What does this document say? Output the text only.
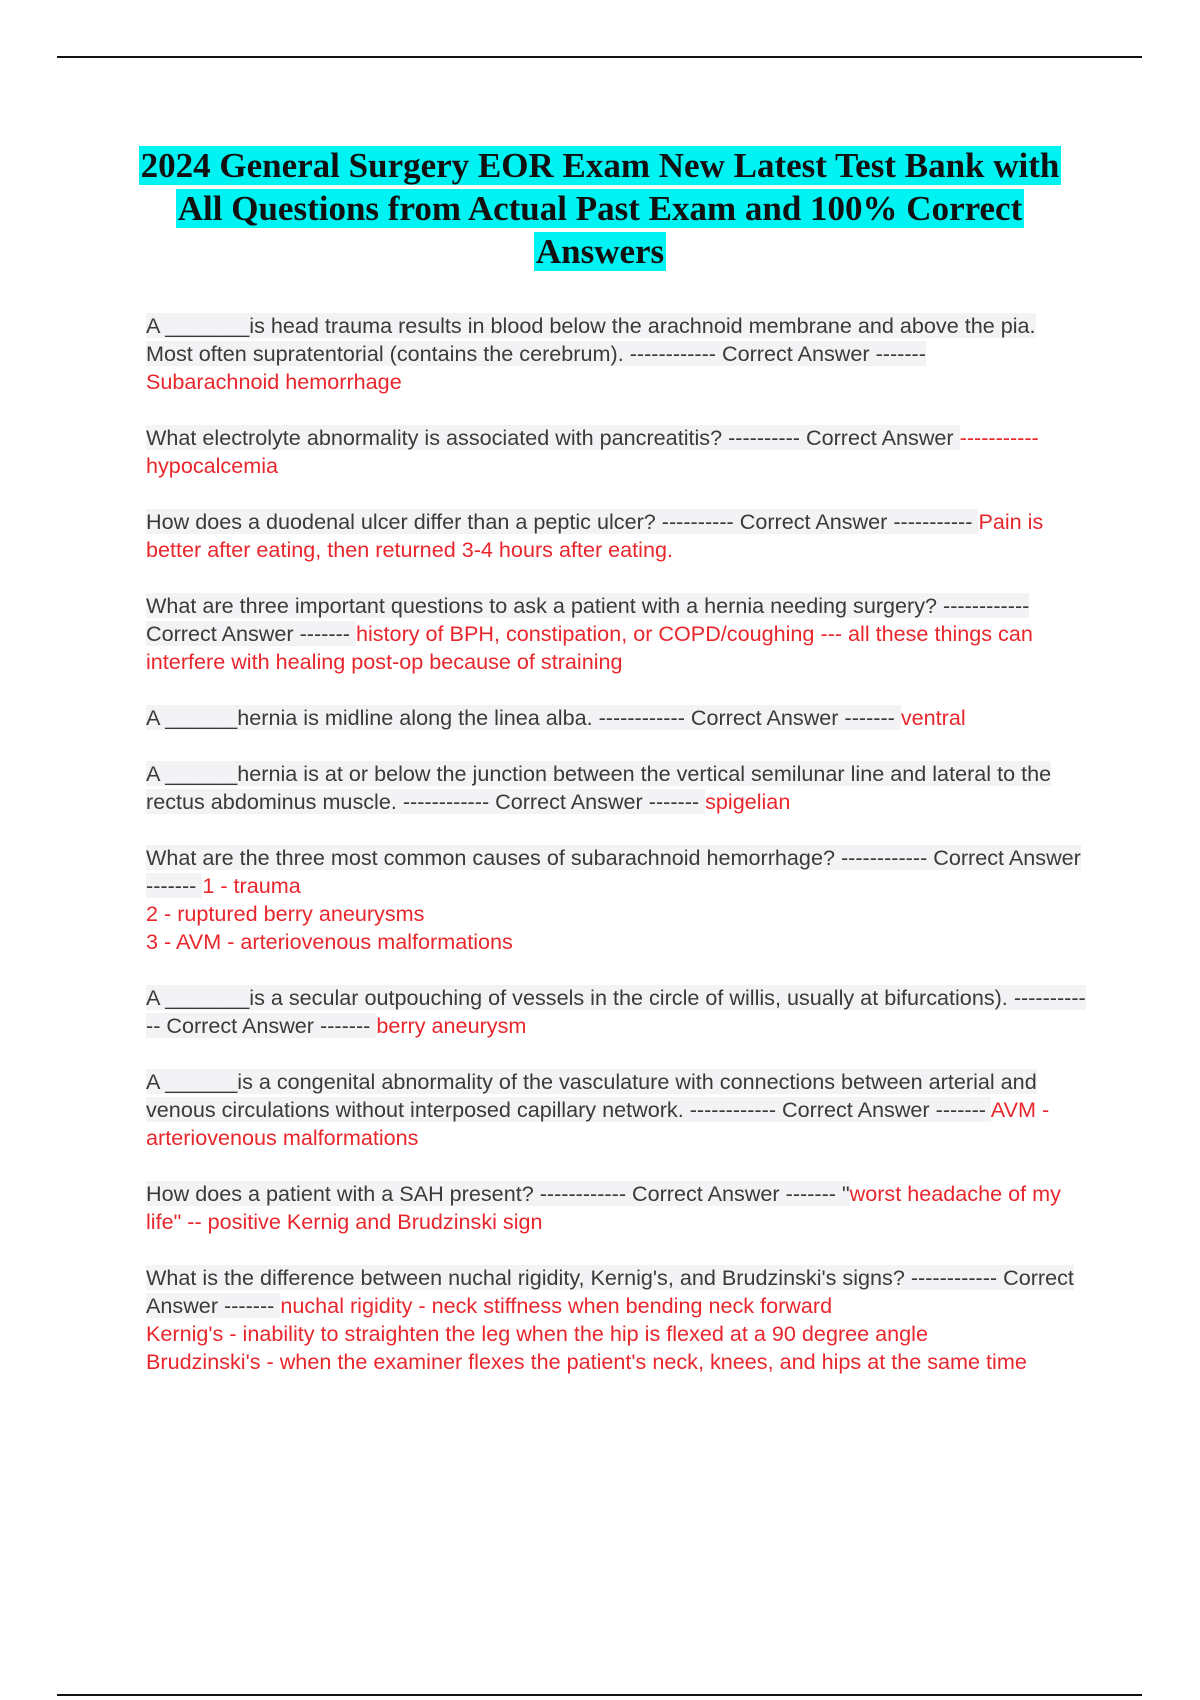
2024 General Surgery EOR Exam New Latest Test Bank with All Questions from Actual Past Exam and 100% Correct Answers

A _______is head trauma results in blood below the arachnoid membrane and above the pia. Most often supratentorial (contains the cerebrum). ------------ Correct Answer -------
Subarachnoid hemorrhage

What electrolyte abnormality is associated with pancreatitis? ---------- Correct Answer ----------- hypocalcemia

How does a duodenal ulcer differ than a peptic ulcer? ---------- Correct Answer ----------- Pain is better after eating, then returned 3-4 hours after eating.

What are three important questions to ask a patient with a hernia needing surgery? ------------ Correct Answer ------- history of BPH, constipation, or COPD/coughing --- all these things can interfere with healing post-op because of straining

A ______hernia is midline along the linea alba. ------------ Correct Answer ------- ventral

A ______hernia is at or below the junction between the vertical semilunar line and lateral to the rectus abdominus muscle. ------------ Correct Answer ------- spigelian

What are the three most common causes of subarachnoid hemorrhage? ------------ Correct Answer ------- 1 - trauma
2 - ruptured berry aneurysms
3 - AVM - arteriovenous malformations

A _______is a secular outpouching of vessels in the circle of willis, usually at bifurcations). ------------ Correct Answer ------- berry aneurysm

A ______is a congenital abnormality of the vasculature with connections between arterial and venous circulations without interposed capillary network. ------------ Correct Answer ------- AVM - arteriovenous malformations

How does a patient with a SAH present? ------------ Correct Answer ------- "worst headache of my life" -- positive Kernig and Brudzinski sign

What is the difference between nuchal rigidity, Kernig's, and Brudzinski's signs? ------------ Correct Answer ------- nuchal rigidity - neck stiffness when bending neck forward
Kernig's - inability to straighten the leg when the hip is flexed at a 90 degree angle
Brudzinski's - when the examiner flexes the patient's neck, knees, and hips at the same time
